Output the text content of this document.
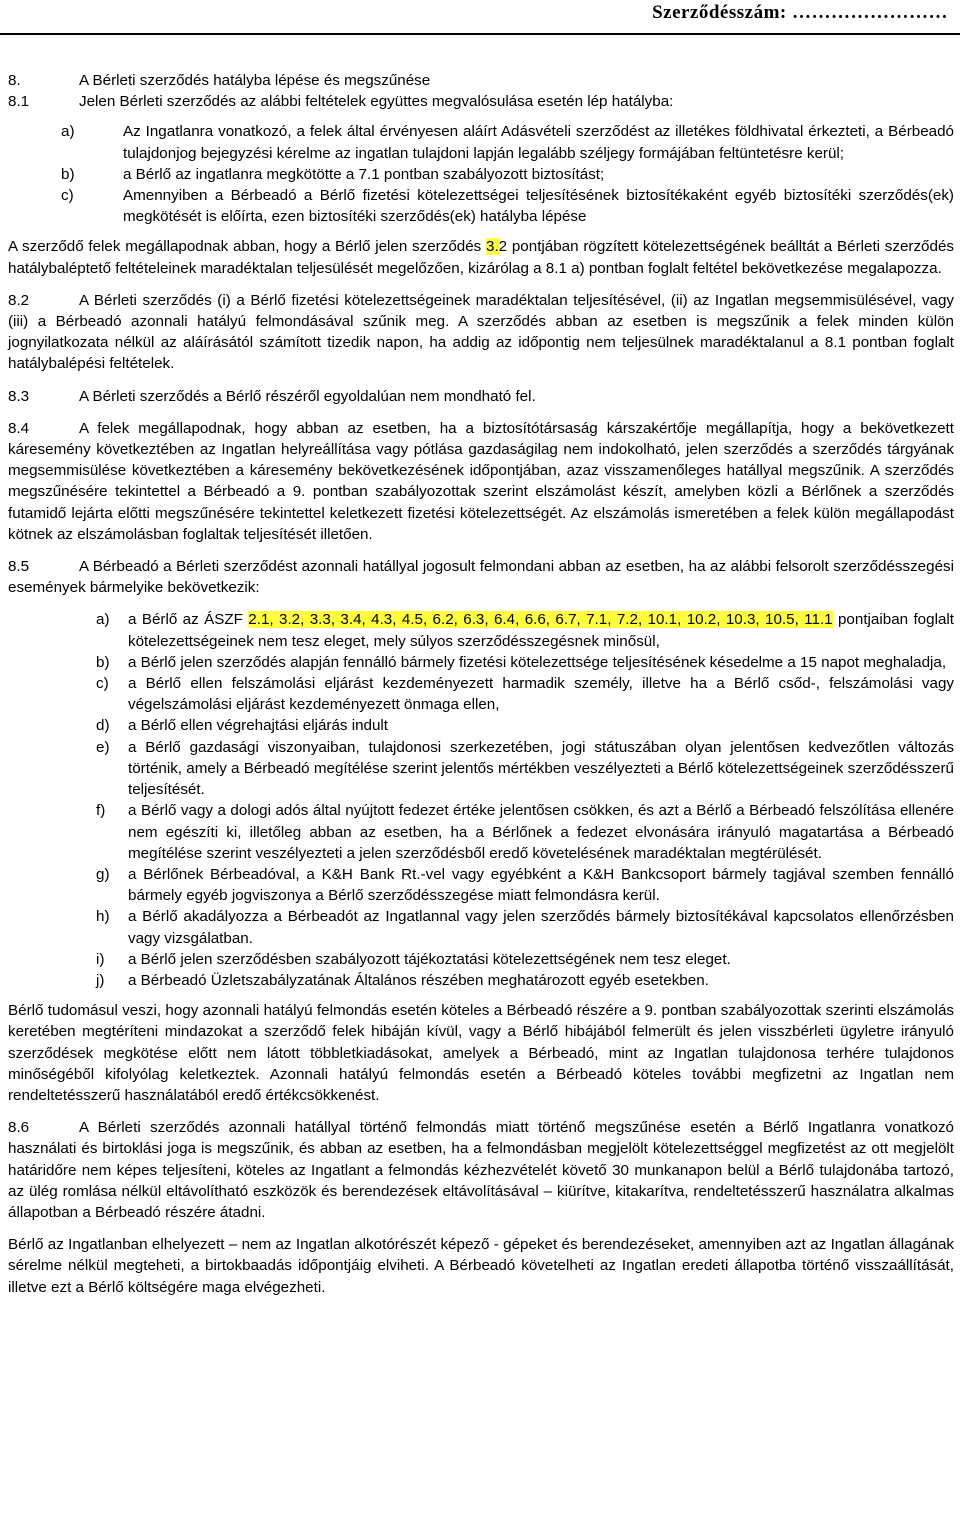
Szerződésszám: ……………………
8.	A Bérleti szerződés hatályba lépése és megszűnése
8.1	Jelen Bérleti szerződés az alábbi feltételek együttes megvalósulása esetén lép hatályba:
a)	Az Ingatlanra vonatkozó, a felek által érvényesen aláírt Adásvételi szerződést az illetékes földhivatal érkezteti, a Bérbeadó tulajdonjog bejegyzési kérelme az ingatlan tulajdoni lapján legalább széljegy formájában feltüntetésre kerül;
b)	a Bérlő az ingatlanra megkötötte a 7.1 pontban szabályozott biztosítást;
c)	Amennyiben a Bérbeadó a Bérlő fizetési kötelezettségei teljesítésének biztosítékaként egyéb biztosítéki szerződés(ek) megkötését is előírta, ezen biztosítéki szerződés(ek) hatályba lépése

A szerződő felek megállapodnak abban, hogy a Bérlő jelen szerződés 3.2 pontjában rögzített kötelezettségének beálltát a Bérleti szerződés hatálybaléptető feltételeinek maradéktalan teljesülését megelőzően, kizárólag a 8.1 a) pontban foglalt feltétel bekövetkezése megalapozza.

8.2	A Bérleti szerződés (i) a Bérlő fizetési kötelezettségeinek maradéktalan teljesítésével, (ii) az Ingatlan megsemmisülésével, vagy (iii) a Bérbeadó azonnali hatályú felmondásával szűnik meg. A szerződés abban az esetben is megszűnik a felek minden külön jognyilatkozata nélkül az aláírásától számított tizedik napon, ha addig az időpontig nem teljesülnek maradéktalanul a 8.1 pontban foglalt hatálybalépési feltételek.

8.3	A Bérleti szerződés a Bérlő részéről egyoldalúan nem mondható fel.

8.4	A felek megállapodnak, hogy abban az esetben, ha a biztosítótársaság kárszakértője megállapítja, hogy a bekövetkezett káresemény következtében az Ingatlan helyreállítása vagy pótlása gazdaságilag nem indokolható, jelen szerződés a szerződés tárgyának megsemmisülése következtében a káresemény bekövetkezésének időpontjában, azaz visszamenőleges hatállyal megszűnik. A szerződés megszűnésére tekintettel a Bérbeadó a 9. pontban szabályozottak szerint elszámolást készít, amelyben közli a Bérlőnek a szerződés futamidő lejárta előtti megszűnésére tekintettel keletkezett fizetési kötelezettségét. Az elszámolás ismeretében a felek külön megállapodást kötnek az elszámolásban foglaltak teljesítését illetően.

8.5	A Bérbeadó a Bérleti szerződést azonnali hatállyal jogosult felmondani abban az esetben, ha az alábbi felsorolt szerződésszegési események bármelyike bekövetkezik:

a)	a Bérlő az ÁSZF 2.1, 3.2, 3.3, 3.4, 4.3, 4.5, 6.2, 6.3, 6.4, 6.6, 6.7, 7.1, 7.2, 10.1, 10.2, 10.3, 10.5, 11.1 pontjaiban foglalt kötelezettségeinek nem tesz eleget, mely súlyos szerződésszegésnek minősül,
b)	a Bérlő jelen szerződés alapján fennálló bármely fizetési kötelezettsége teljesítésének késedelme a 15 napot meghaladja,
c)	a Bérlő ellen felszámolási eljárást kezdeményezett harmadik személy, illetve ha a Bérlő csőd-, felszámolási vagy végelszámolási eljárást kezdeményezett önmaga ellen,
d)	a Bérlő ellen végrehajtási eljárás indult
e)	a Bérlő gazdasági viszonyaiban, tulajdonosi szerkezetében, jogi státuszában olyan jelentősen kedvezőtlen változás történik, amely a Bérbeadó megítélése szerint jelentős mértékben veszélyezteti a Bérlő kötelezettségeinek szerződésszerű teljesítését.
f)	a Bérlő vagy a dologi adós által nyújtott fedezet értéke jelentősen csökken, és azt a Bérlő a Bérbeadó felszólítása ellenére nem egészíti ki, illetőleg abban az esetben, ha a Bérlőnek a fedezet elvonására irányuló magatartása a Bérbeadó megítélése szerint veszélyezteti a jelen szerződésből eredő követelésének maradéktalan megtérülését.
g)	a Bérlőnek Bérbeadóval, a K&H Bank Rt.-vel vagy egyébként a K&H Bankcsoport bármely tagjával szemben fennálló bármely egyéb jogviszonya a Bérlő szerződésszegése miatt felmondásra kerül.
h)	a Bérlő akadályozza a Bérbeadót az Ingatlannal vagy jelen szerződés bármely biztosítékával kapcsolatos ellenőrzésben vagy vizsgálatban.
i)	a Bérlő jelen szerződésben szabályozott tájékoztatási kötelezettségének nem tesz eleget.
j)	a Bérbeadó Üzletszabályzatának Általános részében meghatározott egyéb esetekben.

Bérlő tudomásul veszi, hogy azonnali hatályú felmondás esetén köteles a Bérbeadó részére a 9. pontban szabályozottak szerinti elszámolás keretében megtéríteni mindazokat a szerződő felek hibáján kívül, vagy a Bérlő hibájából felmerült és jelen visszbérleti ügyletre irányuló szerződések megkötése előtt nem látott többletkiadásokat, amelyek a Bérbeadó, mint az Ingatlan tulajdonosa terhére tulajdonos minőségéből kifolyólag keletkeztek. Azonnali hatályú felmondás esetén a Bérbeadó köteles további megfizetni az Ingatlan nem rendeltetésszerű használatából eredő értékcsökkenést.

8.6	A Bérleti szerződés azonnali hatállyal történő felmondás miatt történő megszűnése esetén a Bérlő Ingatlanra vonatkozó használati és birtoklási joga is megszűnik, és abban az esetben, ha a felmondásban megjelölt kötelezettséggel megfizetést az ott megjelölt határidőre nem képes teljesíteni, köteles az Ingatlant a felmondás kézhezvételét követő 30 munkanapon belül a Bérlő tulajdonába tartozó, az ülég romlása nélkül eltávolítható eszközök és berendezések eltávolításával – kiürítve, kitakarítva, rendeltetésszerű használatra alkalmas állapotban a Bérbeadó részére átadni.

Bérlő az Ingatlanban elhelyezett – nem az Ingatlan alkotórészét képező - gépeket és berendezéseket, amennyiben azt az Ingatlan állagának sérelme nélkül megteheti, a birtokbaadás időpontjáig elviheti. A Bérbeadó követelheti az Ingatlan eredeti állapotba történő visszaállítását, illetve ezt a Bérlő költségére maga elvégezheti.
